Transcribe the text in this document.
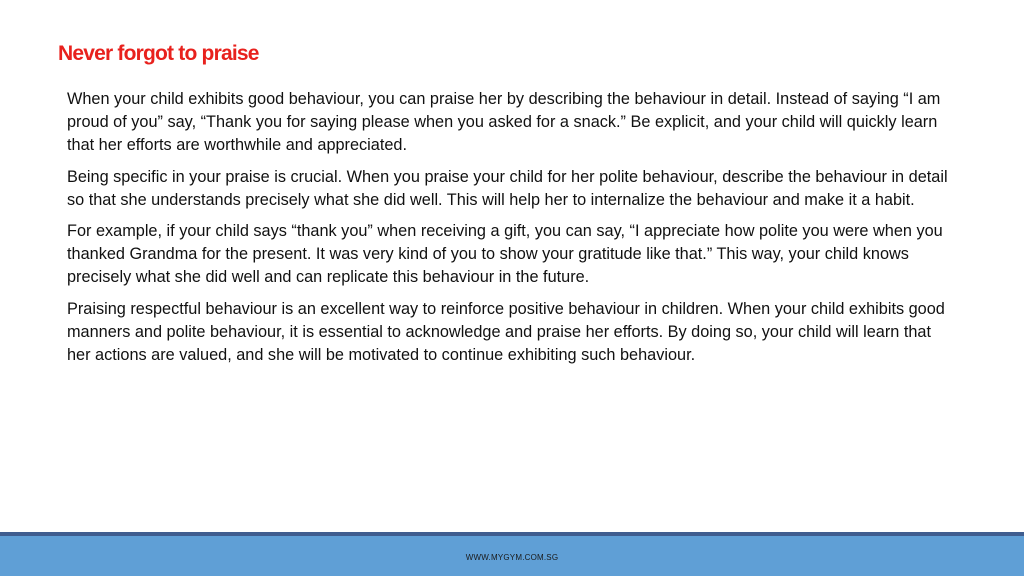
Never forgot to praise

When your child exhibits good behaviour, you can praise her by describing the behaviour in detail. Instead of saying “I am proud of you” say, “Thank you for saying please when you asked for a snack.” Be explicit, and your child will quickly learn that her efforts are worthwhile and appreciated.

Being specific in your praise is crucial. When you praise your child for her polite behaviour, describe the behaviour in detail so that she understands precisely what she did well. This will help her to internalize the behaviour and make it a habit.

For example, if your child says “thank you” when receiving a gift, you can say, “I appreciate how polite you were when you thanked Grandma for the present. It was very kind of you to show your gratitude like that.” This way, your child knows precisely what she did well and can replicate this behaviour in the future.

Praising respectful behaviour is an excellent way to reinforce positive behaviour in children. When your child exhibits good manners and polite behaviour, it is essential to acknowledge and praise her efforts. By doing so, your child will learn that her actions are valued, and she will be motivated to continue exhibiting such behaviour.

WWW.MYGYM.COM.SG
